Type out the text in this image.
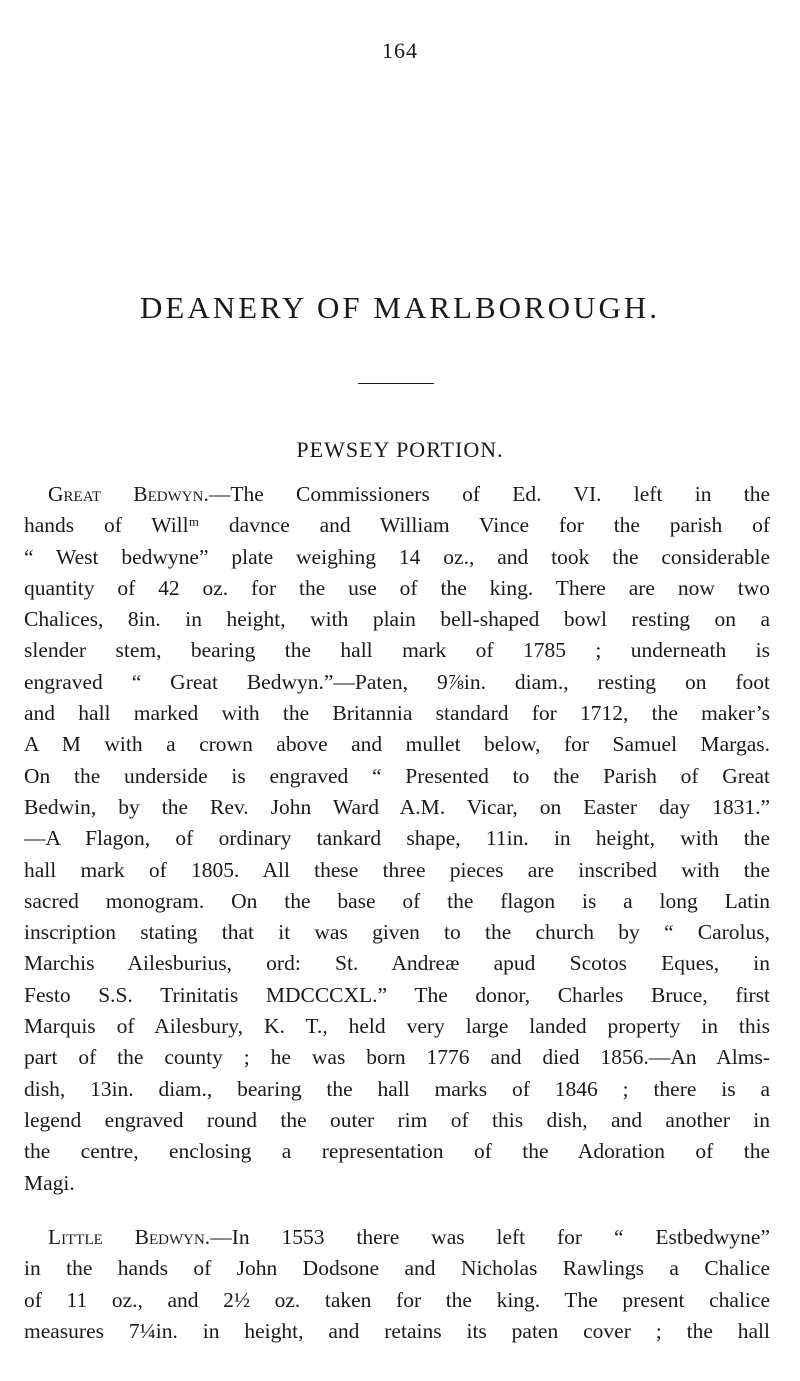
164
DEANERY OF MARLBOROUGH.
PEWSEY PORTION.
Great Bedwyn.—The Commissioners of Ed. VI. left in the
hands of Willᵐ davnce and William Vince for the parish of
“ West bedwyne” plate weighing 14 oz., and took the considerable
quantity of 42 oz. for the use of the king. There are now two
Chalices, 8in. in height, with plain bell-shaped bowl resting on a
slender stem, bearing the hall mark of 1785 ; underneath is
engraved “ Great Bedwyn.”—Paten, 9⅞in. diam., resting on foot
and hall marked with the Britannia standard for 1712, the maker’s
A M with a crown above and mullet below, for Samuel Margas.
On the underside is engraved “ Presented to the Parish of Great
Bedwin, by the Rev. John Ward A.M. Vicar, on Easter day 1831.”
—A Flagon, of ordinary tankard shape, 11in. in height, with the
hall mark of 1805. All these three pieces are inscribed with the
sacred monogram. On the base of the flagon is a long Latin
inscription stating that it was given to the church by “ Carolus,
Marchis Ailesburius, ord: St. Andreæ apud Scotos Eques, in
Festo S.S. Trinitatis MDCCCXL.” The donor, Charles Bruce, first
Marquis of Ailesbury, K. T., held very large landed property in this
part of the county ; he was born 1776 and died 1856.—An Alms-
dish, 13in. diam., bearing the hall marks of 1846 ; there is a
legend engraved round the outer rim of this dish, and another in
the centre, enclosing a representation of the Adoration of the
Magi.
Little Bedwyn.—In 1553 there was left for “ Estbedwyne”
in the hands of John Dodsone and Nicholas Rawlings a Chalice
of 11 oz., and 2½ oz. taken for the king. The present chalice
measures 7¼in. in height, and retains its paten cover ; the hall
